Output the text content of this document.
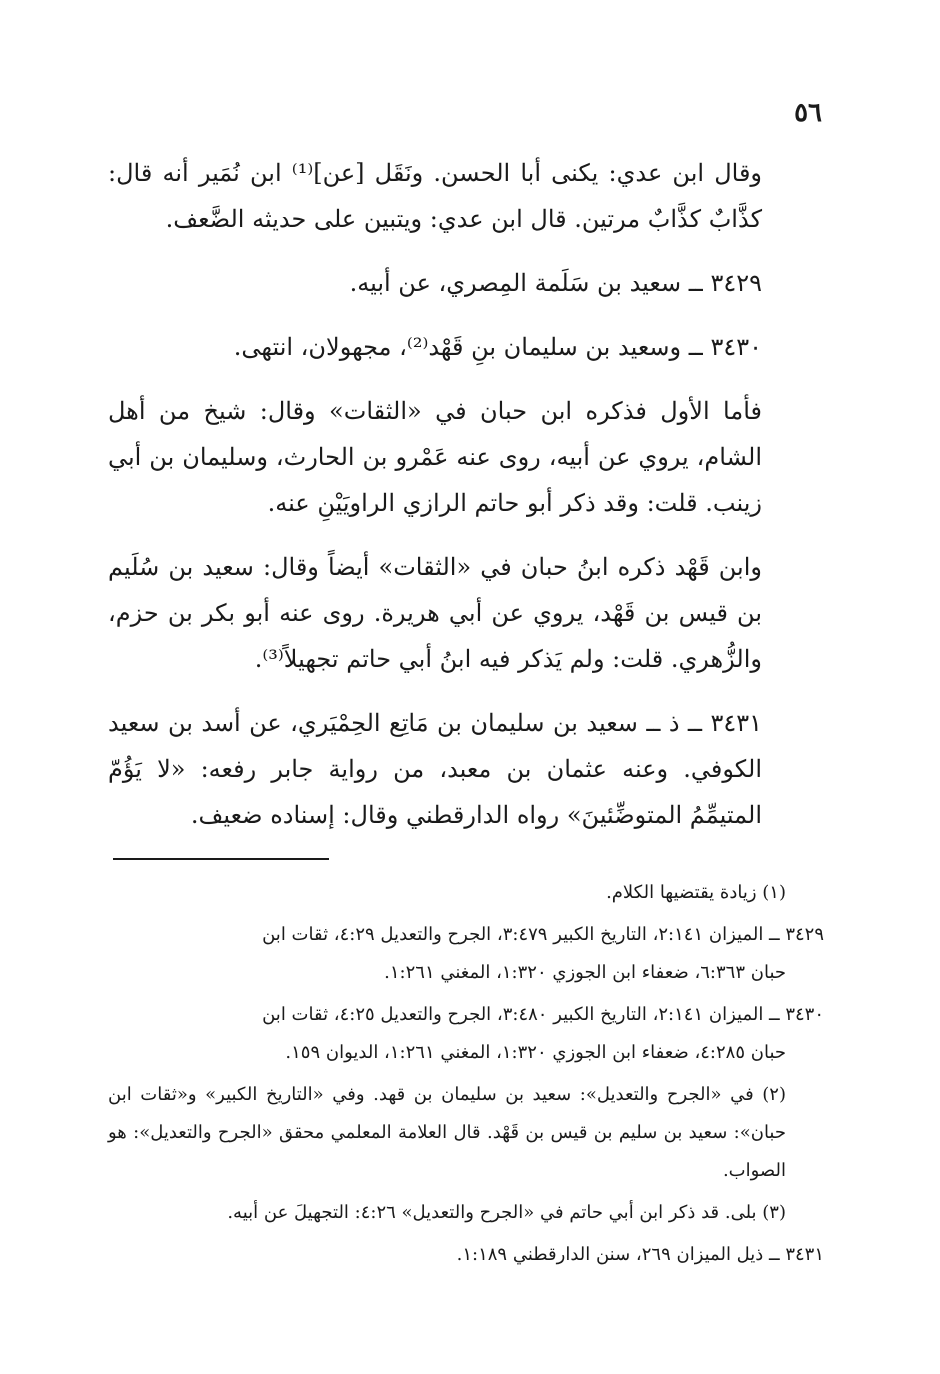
٥٦

وقال ابن عدي: يكنى أبا الحسن. ونَقَل [عن]⁽¹⁾ ابن نُمَير أنه قال: كذَّابٌ كذَّابٌ مرتين. قال ابن عدي: ويتبين على حديثه الضَّعف.

٣٤٢٩ ــ سعيد بن سَلَمة المِصري، عن أبيه.

٣٤٣٠ ــ وسعيد بن سليمان بنِ قَهْد⁽²⁾، مجهولان، انتهى.

فأما الأول فذكره ابن حبان في «الثقات» وقال: شيخ من أهل الشام، يروي عن أبيه، روى عنه عَمْرو بن الحارث، وسليمان بن أبي زينب. قلت: وقد ذكر أبو حاتم الرازي الراويَيْنِ عنه.

وابن قَهْد ذكره ابنُ حبان في «الثقات» أيضاً وقال: سعيد بن سُلَيم بن قيس بن قَهْد، يروي عن أبي هريرة. روى عنه أبو بكر بن حزم، والزُّهري. قلت: ولم يَذكر فيه ابنُ أبي حاتم تجهيلاً⁽³⁾.

٣٤٣١ ــ ذ ــ سعيد بن سليمان بن مَاتِع الحِمْيَري، عن أسد بن سعيد الكوفي. وعنه عثمان بن معبد، من رواية جابر رفعه: «لا يَؤُمّ المتيمِّمُ المتوضِّئينَ» رواه الدارقطني وقال: إسناده ضعيف.

(١) زيادة يقتضيها الكلام.

٣٤٢٩ ــ الميزان ٢:١٤١، التاريخ الكبير ٣:٤٧٩، الجرح والتعديل ٤:٢٩، ثقات ابن

حبان ٦:٣٦٣، ضعفاء ابن الجوزي ١:٣٢٠، المغني ١:٢٦١.

٣٤٣٠ ــ الميزان ٢:١٤١، التاريخ الكبير ٣:٤٨٠، الجرح والتعديل ٤:٢٥، ثقات ابن

حبان ٤:٢٨٥، ضعفاء ابن الجوزي ١:٣٢٠، المغني ١:٢٦١، الديوان ١٥٩.

(٢) في «الجرح والتعديل»: سعيد بن سليمان بن قهد. وفي «التاريخ الكبير» و«ثقات ابن حبان»: سعيد بن سليم بن قيس بن قَهْد. قال العلامة المعلمي محقق «الجرح والتعديل»: هو الصواب.

(٣) بلى. قد ذكر ابن أبي حاتم في «الجرح والتعديل» ٤:٢٦: التجهيلَ عن أبيه.

٣٤٣١ ــ ذيل الميزان ٢٦٩، سنن الدارقطني ١:١٨٩.
